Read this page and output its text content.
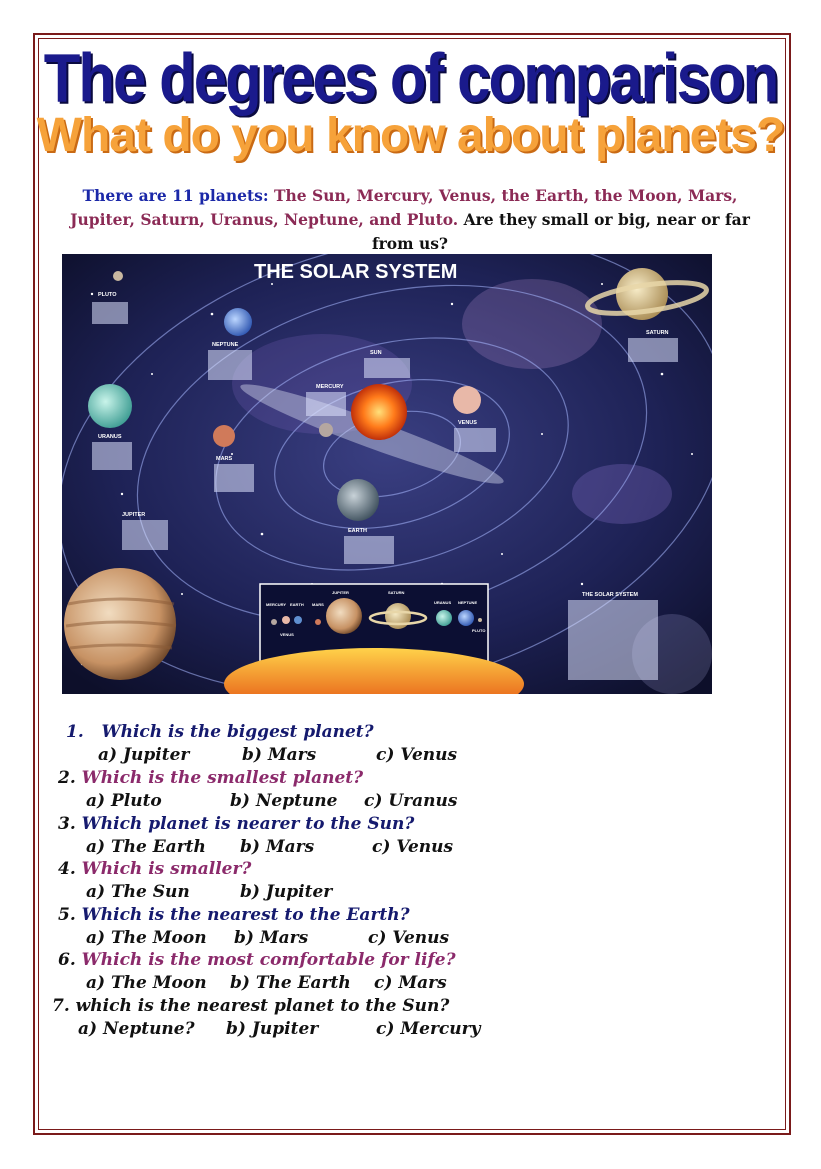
The degrees of comparison
What do you know about planets?
There are 11 planets: The Sun, Mercury, Venus, the Earth, the Moon, Mars, Jupiter, Saturn, Uranus, Neptune, and Pluto. Are they small or big, near or far from us?
THE SOLAR SYSTEM
PLUTO
NEPTUNE
URANUS
MARS
JUPITER
SUN
MERCURY
VENUS
EARTH
SATURN
THE SOLAR SYSTEM
MERCURY EARTH MARS
VENUS
JUPITER	SATURN
URANUS NEPTUNE
PLUTO
1. Which is the biggest planet?
a) Jupiter	b) Mars	c) Venus
2. Which is the smallest planet?
a) Pluto	b) Neptune c) Uranus
3. Which planet is nearer to the Sun?
a) The Earth b) Mars	c) Venus
4. Which is smaller?
a) The Sun	b) Jupiter
5. Which is the nearest to the Earth?
a) The Moon b) Mars	c) Venus
6. Which is the most comfortable for life?
a) The Moon b) The Earth c) Mars
7. which is the nearest planet to the Sun?
a) Neptune? b) Jupiter	c) Mercury
